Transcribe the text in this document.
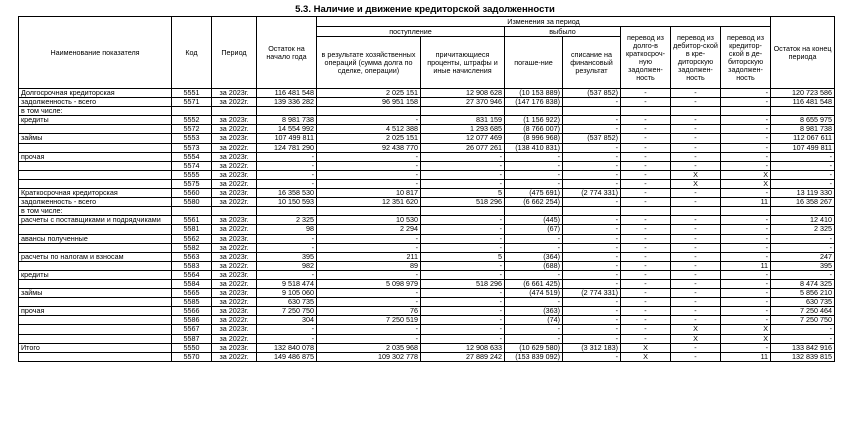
5.3. Наличие и движение кредиторской задолженности
Наименование показателя	Код	Период	Остаток на начало года	Изменения за период							Остаток на конец периода
				поступление		выбыло		перевод из долго-в краткосроч-ную задолжен-ность	перевод из дебитор-ской в кре-диторскую задолжен-ность	перевод из кредитор-ской в де-биторскую задолжен-ность	
				в результате хозяйственных операций (сумма долга по сделке, операции)	причитающиеся проценты, штрафы и иные начисления	погаше-ние	списание на финансовый результат				
Долгосрочная кредиторская	5551	за 2023г.	116 481 548	2 025 151	12 908 628	(10 153 889)	(537 852)	-	-	-	120 723 586
задолженность - всего	5571	за 2022г.	139 336 282	96 951 158	27 370 946	(147 176 838)	-	-	-	-	116 481 548
в том числе:											
кредиты	5552	за 2023г.	8 981 738	-	831 159	(1 156 922)	-	-	-	-	8 655 975
	5572	за 2022г.	14 554 992	4 512 388	1 293 685	(8 766 007)	-	-	-	-	8 981 738
займы	5553	за 2023г.	107 499 811	2 025 151	12 077 469	(8 996 968)	(537 852)	-	-	-	112 067 611
	5573	за 2022г.	124 781 290	92 438 770	26 077 261	(138 410 831)	-	-	-	-	107 499 811
прочая	5554	за 2023г.	-	-	-	-	-	-	-	-	-
	5574	за 2022г.	-	-	-	-	-	-	-	-	-
	5555	за 2023г.	-	-	-	-	-	-	X	X	-
	5575	за 2022г.	-	-	-	-	-	-	X	X	-
Краткосрочная кредиторская	5560	за 2023г.	16 358 530	10 817	5	(475 691)	(2 774 331)	-	-	-	13 119 330
задолженность - всего	5580	за 2022г.	10 150 593	12 351 620	518 296	(6 662 254)	-	-	-	11	16 358 267
в том числе:											
расчеты с поставщиками и подрядчиками	5561	за 2023г.	2 325	10 530	-	(445)	-	-	-	-	12 410
	5581	за 2022г.	98	2 294	-	(67)	-	-	-	-	2 325
авансы полученные	5562	за 2023г.	-	-	-	-	-	-	-	-	-
	5582	за 2022г.	-	-	-	-	-	-	-	-	-
расчеты по налогам и взносам	5563	за 2023г.	395	211	5	(364)	-	-	-	-	247
	5583	за 2022г.	982	89	-	(688)	-	-	-	11	395
кредиты	5564	за 2023г.	-	-	-	-	-	-	-	-	-
	5584	за 2022г.	9 518 474	5 098 979	518 296	(6 661 425)	-	-	-	-	8 474 325
займы	5565	за 2023г.	9 105 060	-	-	(474 519)	(2 774 331)	-	-	-	5 856 210
	5585	за 2022г.	630 735	-	-	-	-	-	-	-	630 735
прочая	5566	за 2023г.	7 250 750	76	-	(363)	-	-	-	-	7 250 464
	5586	за 2022г.	304	7 250 519	-	(74)	-	-	-	-	7 250 750
	5567	за 2023г.	-	-	-	-	-	-	X	X	-
	5587	за 2022г.	-	-	-	-	-	-	X	X	-
Итого	5550	за 2023г.	132 840 078	2 035 968	12 908 633	(10 629 580)	(3 312 183)	X	-	-	133 842 916
	5570	за 2022г.	149 486 875	109 302 778	27 889 242	(153 839 092)	-	X	-	11	132 839 815
